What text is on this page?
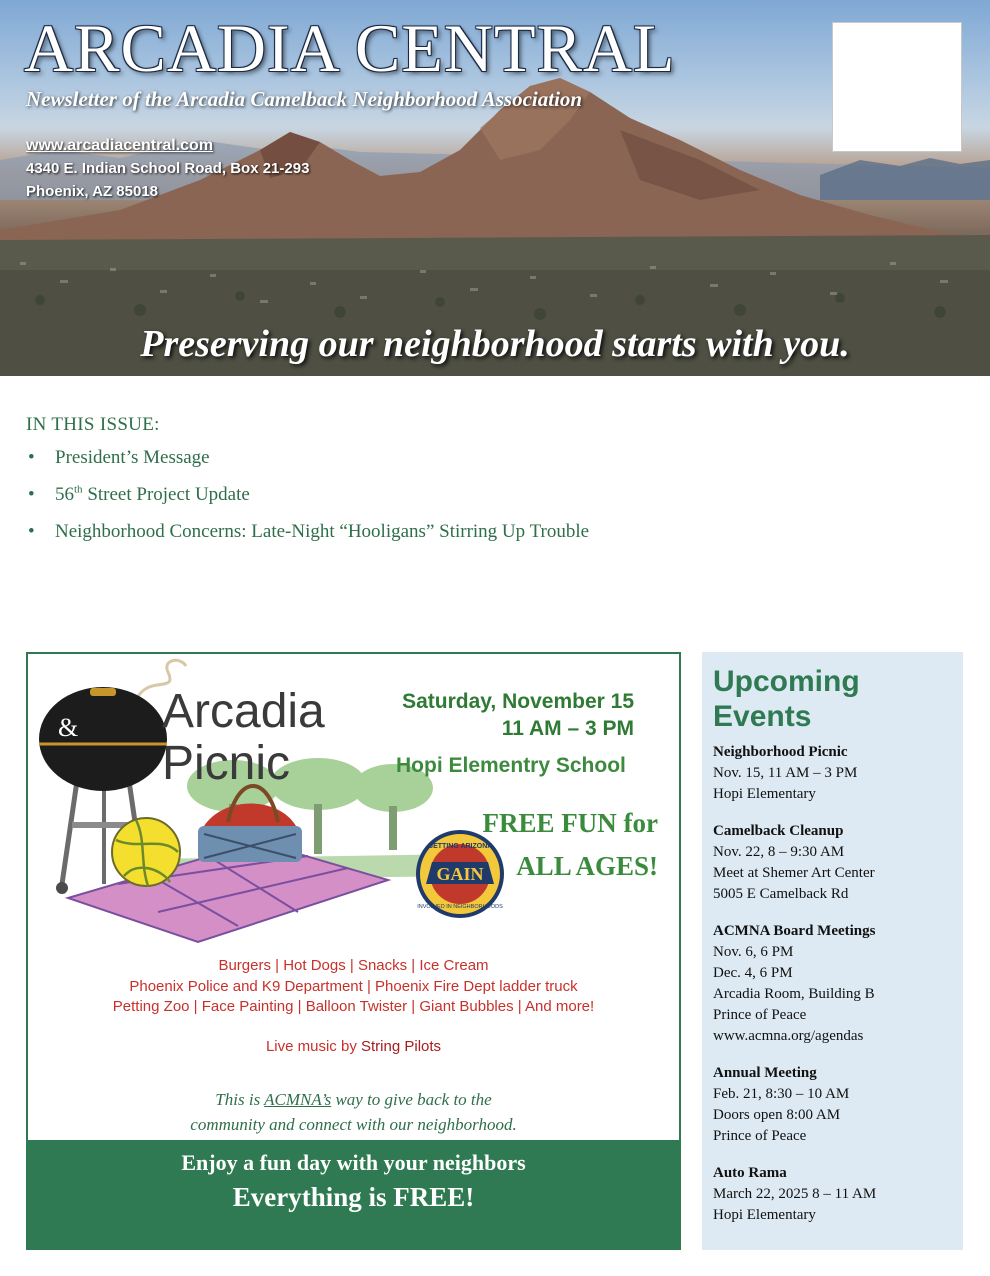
ARCADIA CENTRAL
Newsletter of the Arcadia Camelback Neighborhood Association
www.arcadiacentral.com
4340 E. Indian School Road, Box 21-293
Phoenix, AZ 85018
Preserving our neighborhood starts with you.
IN THIS ISSUE:
• President’s Message
• 56th Street Project Update
• Neighborhood Concerns: Late-Night “Hooligans” Stirring Up Trouble
&
GAIN
GETTING ARIZONA
INVOLVED IN NEIGHBORHOODS
Arcadia
Picnic
Saturday, November 15
11 AM – 3 PM
Hopi Elementry School
FREE FUN for
ALL AGES!
Burgers | Hot Dogs | Snacks | Ice Cream
Phoenix Police and K9 Department | Phoenix Fire Dept ladder truck
Petting Zoo | Face Painting | Balloon Twister | Giant Bubbles | And more!
Live music by String Pilots
This is ACMNA’s way to give back to the
community and connect with our neighborhood.
Enjoy a fun day with your neighbors
Everything is FREE!
Upcoming
Events
Neighborhood Picnic
Nov. 15, 11 AM – 3 PM
Hopi Elementary
Camelback Cleanup
Nov. 22, 8 – 9:30 AM
Meet at Shemer Art Center
5005 E Camelback Rd
ACMNA Board Meetings
Nov. 6, 6 PM
Dec. 4, 6 PM
Arcadia Room, Building B
Prince of Peace
www.acmna.org/agendas
Annual Meeting
Feb. 21, 8:30 – 10 AM
Doors open 8:00 AM
Prince of Peace
Auto Rama
March 22, 2025 8 – 11 AM
Hopi Elementary
